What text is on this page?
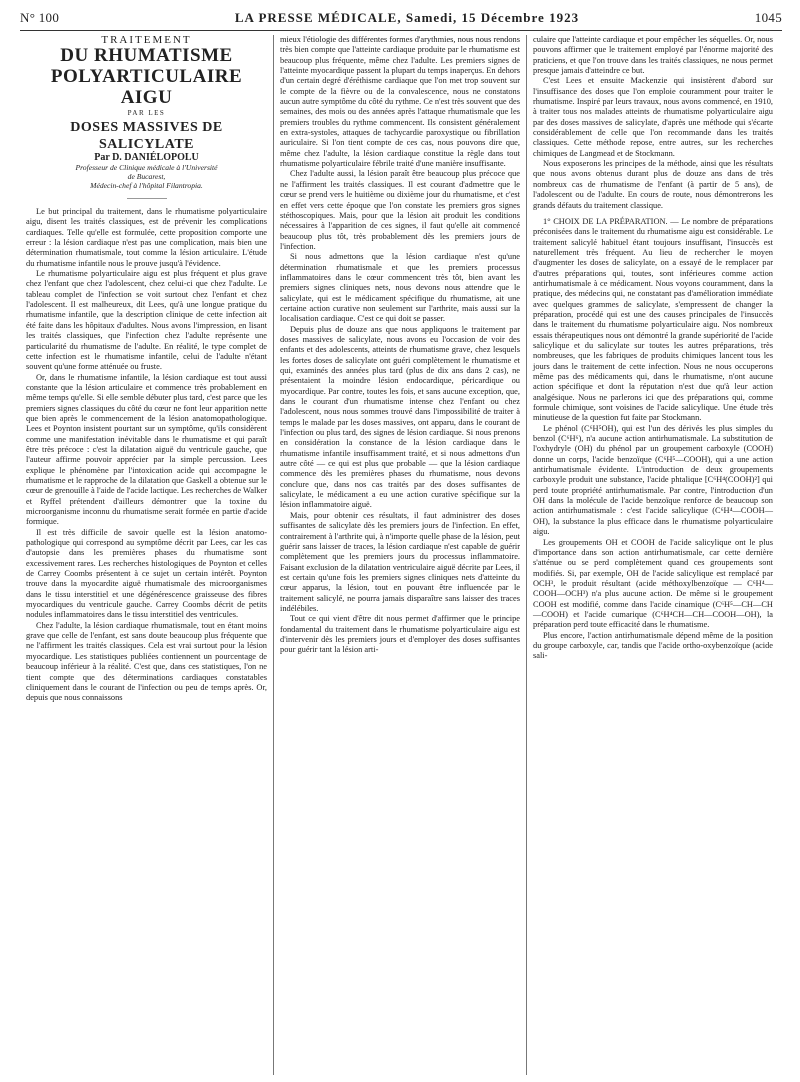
N° 100	LA PRESSE MÉDICALE, Samedi, 15 Décembre 1923	1045

TRAITEMENT

DU RHUMATISME

POLYARTICULAIRE AIGU

PAR LES

DOSES MASSIVES DE SALICYLATE

Par D. DANIÉLOPOLU

Professeur de Clinique médicale à l'Université

de Bucarest,

Médecin-chef à l'hôpital Filantropia.

Le but principal du traitement, dans le rhumatisme polyarticulaire aigu, disent les traités classiques, est de prévenir les complications cardiaques. Telle qu'elle est formulée, cette proposition comporte une erreur : la lésion cardiaque n'est pas une complication, mais bien une détermination rhumatismale, tout comme la lésion articulaire. L'étude du rhumatisme infantile nous le prouve jusqu'à l'évidence.

Le rhumatisme polyarticulaire aigu est plus fréquent et plus grave chez l'enfant que chez l'adolescent, chez celui-ci que chez l'adulte. Le tableau complet de l'infection se voit surtout chez l'enfant et chez l'adolescent. Il est malheureux, dit Lees, qu'à une longue pratique du rhumatisme infantile, que la description clinique de cette infection ait été faite dans les hôpitaux d'adultes. Nous avons l'impression, en lisant les traités classiques, que l'infection chez l'adulte représente une particularité du rhumatisme de l'adulte. En réalité, le type complet de cette infection est le rhumatisme infantile, celui de l'adulte n'étant souvent qu'une forme atténuée ou fruste.

Or, dans le rhumatisme infantile, la lésion cardiaque est tout aussi constante que la lésion articulaire et commence très probablement en même temps qu'elle. Si elle semble débuter plus tard, c'est parce que les premiers signes classiques du côté du cœur ne font leur apparition nette que bien après le commencement de la lésion anatomopathologique. Lees et Poynton insistent pourtant sur un symptôme, qu'ils considèrent comme une manifestation inévitable dans le rhumatisme et qui paraît être très précoce : c'est la dilatation aiguë du ventricule gauche, que l'auteur affirme pouvoir apprécier par la simple percussion. Lees explique le phénomène par l'intoxication acide qui accompagne le rhumatisme et le rapproche de la dilatation que Gaskell a obtenue sur le cœur de grenouille à l'aide de l'acide lactique. Les recherches de Walker et Ryffel prétendent d'ailleurs démontrer que la toxine du microorganisme inconnu du rhumatisme serait formée en partie d'acide formique.

Il est très difficile de savoir quelle est la lésion anatomo-pathologique qui correspond au symptôme décrit par Lees, car les cas d'autopsie dans les premières phases du rhumatisme sont excessivement rares. Les recherches histologiques de Poynton et celles de Carrey Coombs présentent à ce sujet un certain intérêt. Poynton trouve dans la myocardite aiguë rhumatismale des microorganismes dans le tissu interstitiel et une dégénérescence graisseuse des fibres myocardiques du ventricule gauche. Carrey Coombs décrit de petits nodules inflammatoires dans le tissu interstitiel des ventricules.

Chez l'adulte, la lésion cardiaque rhumatismale, tout en étant moins grave que celle de l'enfant, est sans doute beaucoup plus fréquente que ne l'affirment les traités classiques. Cela est vrai surtout pour la lésion myocardique. Les statistiques publiées contiennent un pourcentage de beaucoup inférieur à la réalité. C'est que, dans ces statistiques, l'on ne tient compte que des déterminations cardiaques constatables cliniquement dans le courant de l'infection ou peu de temps après. Or, depuis que nous connaissons

mieux l'étiologie des différentes formes d'arythmies, nous nous rendons très bien compte que l'atteinte cardiaque produite par le rhumatisme est beaucoup plus fréquente, même chez l'adulte. Les premiers signes de l'atteinte myocardique passent la plupart du temps inaperçus. En dehors d'un certain degré d'éréthisme cardiaque que l'on met trop souvent sur le compte de la fièvre ou de la convalescence, nous ne constatons aucun autre symptôme du côté du rythme. Ce n'est très souvent que des semaines, des mois ou des années après l'attaque rhumatismale que les premiers troubles du rythme commencent. Ils consistent généralement en extra-systoles, attaques de tachycardie paroxystique ou fibrillation auriculaire. Si l'on tient compte de ces cas, nous pouvons dire que, même chez l'adulte, la lésion cardiaque constitue la règle dans tout rhumatisme polyarticulaire fébrile traité d'une manière insuffisante.

Chez l'adulte aussi, la lésion paraît être beaucoup plus précoce que ne l'affirment les traités classiques. Il est courant d'admettre que le cœur se prend vers le huitième ou dixième jour du rhumatisme, et c'est en effet vers cette époque que l'on constate les premiers gros signes stéthoscopiques. Mais, pour que la lésion ait produit les conditions nécessaires à l'apparition de ces signes, il faut qu'elle ait commencé beaucoup plus tôt, très probablement dès les premiers jours de l'infection.

Si nous admettons que la lésion cardiaque n'est qu'une détermination rhumatismale et que les premiers processus inflammatoires dans le cœur commencent très tôt, bien avant les premiers signes cliniques nets, nous devons nous attendre que le salicylate, qui est le médicament spécifique du rhumatisme, ait une certaine action curative non seulement sur l'arthrite, mais aussi sur la localisation cardiaque. C'est ce qui doit se passer.

Depuis plus de douze ans que nous appliquons le traitement par doses massives de salicylate, nous avons eu l'occasion de voir des enfants et des adolescents, atteints de rhumatisme grave, chez lesquels les fortes doses de salicylate ont guéri complètement le rhumatisme et qui, examinés des années plus tard (plus de dix ans dans 2 cas), ne présentaient la moindre lésion endocardique, péricardique ou myocardique. Par contre, toutes les fois, et sans aucune exception, que, dans le courant d'un rhumatisme intense chez l'enfant ou chez l'adolescent, nous nous sommes trouvé dans l'impossibilité de traiter à temps le malade par les doses massives, ont apparu, dans le courant de l'infection ou plus tard, des signes de lésion cardiaque. Si nous prenons en considération la constance de la lésion cardiaque dans le rhumatisme infantile insuffisamment traité, et si nous admettons d'un autre côté — ce qui est plus que probable — que la lésion cardiaque commence dès les premières phases du rhumatisme, nous devons conclure que, dans nos cas traités par des doses suffisantes de salicylate, le médicament a eu une action curative spécifique sur la lésion inflammatoire aiguë.

Mais, pour obtenir ces résultats, il faut administrer des doses suffisantes de salicylate dès les premiers jours de l'infection. En effet, contrairement à l'arthrite qui, à n'importe quelle phase de la lésion, peut guérir sans laisser de traces, la lésion cardiaque n'est capable de guérir complètement que les premiers jours du processus inflammatoire. Faisant exclusion de la dilatation ventriculaire aiguë décrite par Lees, il est certain qu'une fois les premiers signes cliniques nets d'atteinte du cœur apparus, la lésion, tout en pouvant être influencée par le traitement salicylé, ne pourra jamais disparaître sans laisser des traces indélébiles.

Tout ce qui vient d'être dit nous permet d'affirmer que le principe fondamental du traitement dans le rhumatisme polyarticulaire aigu est d'intervenir dès les premiers jours et d'employer des doses suffisantes pour guérir tant la lésion arti-

culaire que l'atteinte cardiaque et pour empêcher les séquelles. Or, nous pouvons affirmer que le traitement employé par l'énorme majorité des praticiens, et que l'on trouve dans les traités classiques, ne nous permet presque jamais d'atteindre ce but.

C'est Lees et ensuite Mackenzie qui insistèrent d'abord sur l'insuffisance des doses que l'on emploie couramment pour traiter le rhumatisme. Inspiré par leurs travaux, nous avons commencé, en 1910, à traiter tous nos malades atteints de rhumatisme polyarticulaire aigu par des doses massives de salicylate, d'après une méthode qui s'écarte considérablement de celle que l'on recommande dans les traités classiques. Cette méthode repose, entre autres, sur les recherches chimiques de Langmead et de Stockmann.

Nous exposerons les principes de la méthode, ainsi que les résultats que nous avons obtenus durant plus de douze ans dans de très nombreux cas de rhumatisme de l'enfant (à partir de 5 ans), de l'adolescent ou de l'adulte. En cours de route, nous démontrerons les grands défauts du traitement classique.

1° CHOIX DE LA PRÉPARATION. — Le nombre de préparations préconisées dans le traitement du rhumatisme aigu est considérable. Le traitement salicylé habituel étant toujours insuffisant, l'insuccès est naturellement très fréquent. Au lieu de rechercher le moyen d'augmenter les doses de salicylate, on a essayé de le remplacer par d'autres préparations qui, toutes, sont inférieures comme action antirhumatismale à ce médicament. Nous voyons couramment, dans la pratique, des médecins qui, ne constatant pas d'amélioration immédiate avec quelques grammes de salicylate, s'empressent de changer la préparation, procédé qui est une des causes principales de l'insuccès dans le traitement du rhumatisme polyarticulaire aigu. Nos nombreux essais thérapeutiques nous ont démontré la grande supériorité de l'acide salicylique et du salicylate sur toutes les autres préparations, très nombreuses, que les fabriques de produits chimiques lancent tous les jours dans le traitement de cette infection. Nous ne nous occuperons même pas des médicaments qui, dans le rhumatisme, n'ont aucune action spécifique et dont la réputation n'est due qu'à leur action analgésique. Nous ne parlerons ici que des préparations qui, comme formule chimique, sont voisines de l'acide salicylique. Une étude très minutieuse de la question fut faite par Stockmann.

Le phénol (C⁶H⁵OH), qui est l'un des dérivés les plus simples du benzol (C⁶H⁶), n'a aucune action antirhumatismale. La substitution de l'oxhydryle (OH) du phénol par un groupement carboxyle (COOH) donne un corps, l'acide benzoïque (C⁶H⁵—COOH), qui a une action antirhumatismale évidente. L'introduction de deux groupements carboxyle produit une substance, l'acide phtalique [C⁶H⁴(COOH)²] qui perd toute propriété antirhumatismale. Par contre, l'introduction d'un OH dans la molécule de l'acide benzoïque renforce de beaucoup son action antirhumatismale : c'est l'acide salicylique (C⁶H⁴—COOH—OH), la substance la plus efficace dans le rhumatisme polyarticulaire aigu.

Les groupements OH et COOH de l'acide salicylique ont le plus d'importance dans son action antirhumatismale, car cette dernière s'atténue ou se perd complètement quand ces groupements sont modifiés. Si, par exemple, OH de l'acide salicylique est remplacé par OCH³, le produit résultant (acide méthoxylbenzoïque — C⁶H⁴—COOH—OCH³) n'a plus aucune action. De même si le groupement COOH est modifié, comme dans l'acide cinamique (C⁶H⁵—CH—CH—COOH) et l'acide cumarique (C⁶H⁴CH—CH—COOH—OH), la préparation perd toute efficacité dans le rhumatisme.

Plus encore, l'action antirhumatismale dépend même de la position du groupe carboxyle, car, tandis que l'acide ortho-oxybenzoïque (acide sali-
